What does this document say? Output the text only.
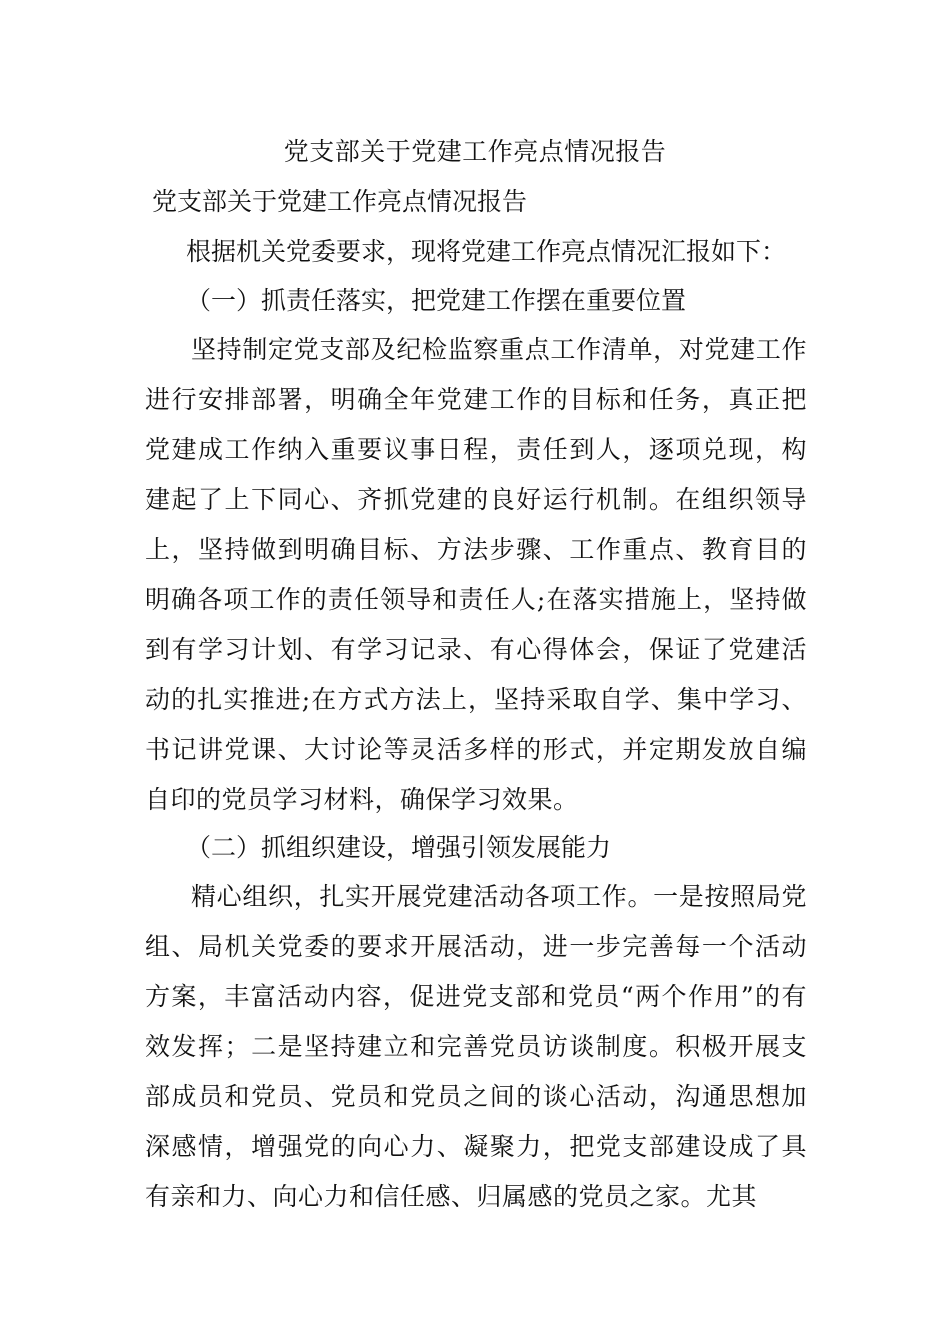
党支部关于党建工作亮点情况报告
党支部关于党建工作亮点情况报告
根据机关党委要求，现将党建工作亮点情况汇报如下：
（一）抓责任落实，把党建工作摆在重要位置
坚持制定党支部及纪检监察重点工作清单，对党建工作进行安排部署，明确全年党建工作的目标和任务，真正把党建成工作纳入重要议事日程，责任到人，逐项兑现，构建起了上下同心、齐抓党建的良好运行机制。在组织领导上，坚持做到明确目标、方法步骤、工作重点、教育目的明确各项工作的责任领导和责任人;在落实措施上，坚持做到有学习计划、有学习记录、有心得体会，保证了党建活动的扎实推进;在方式方法上，坚持采取自学、集中学习、书记讲党课、大讨论等灵活多样的形式，并定期发放自编自印的党员学习材料，确保学习效果。
（二）抓组织建设，增强引领发展能力
精心组织，扎实开展党建活动各项工作。一是按照局党组、局机关党委的要求开展活动，进一步完善每一个活动方案，丰富活动内容，促进党支部和党员“两个作用”的有效发挥；二是坚持建立和完善党员访谈制度。积极开展支部成员和党员、党员和党员之间的谈心活动，沟通思想加深感情，增强党的向心力、凝聚力，把党支部建设成了具有亲和力、向心力和信任感、归属感的党员之家。尤其
